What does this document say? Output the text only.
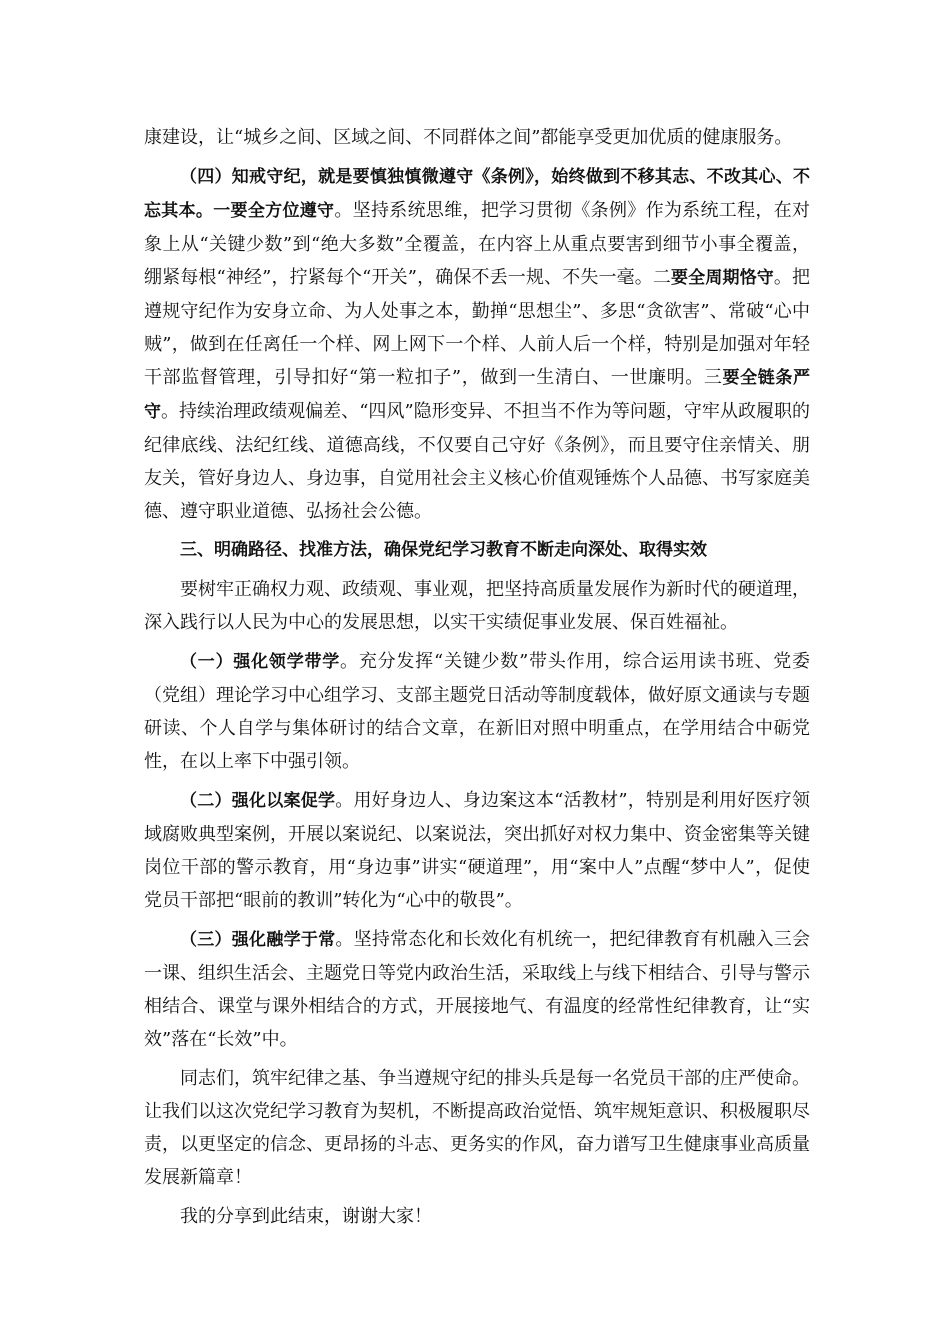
康建设，让“城乡之间、区域之间、不同群体之间”都能享受更加优质的健康服务。

（四）知戒守纪，就是要慎独慎微遵守《条例》，始终做到不移其志、不改其心、不忘其本。一要全方位遵守。坚持系统思维，把学习贯彻《条例》作为系统工程，在对象上从“关键少数”到“绝大多数”全覆盖，在内容上从重点要害到细节小事全覆盖，绷紧每根“神经”，拧紧每个“开关”，确保不丢一规、不失一毫。二要全周期恪守。把遵规守纪作为安身立命、为人处事之本，勤掸“思想尘”、多思“贪欲害”、常破“心中贼”，做到在任离任一个样、网上网下一个样、人前人后一个样，特别是加强对年轻干部监督管理，引导扣好“第一粒扣子”，做到一生清白、一世廉明。三要全链条严守。持续治理政绩观偏差、“四风”隐形变异、不担当不作为等问题，守牢从政履职的纪律底线、法纪红线、道德高线，不仅要自己守好《条例》，而且要守住亲情关、朋友关，管好身边人、身边事，自觉用社会主义核心价值观锤炼个人品德、书写家庭美德、遵守职业道德、弘扬社会公德。

三、明确路径、找准方法，确保党纪学习教育不断走向深处、取得实效

要树牢正确权力观、政绩观、事业观，把坚持高质量发展作为新时代的硬道理，深入践行以人民为中心的发展思想，以实干实绩促事业发展、保百姓福祉。

（一）强化领学带学。充分发挥“关键少数”带头作用，综合运用读书班、党委（党组）理论学习中心组学习、支部主题党日活动等制度载体，做好原文通读与专题研读、个人自学与集体研讨的结合文章，在新旧对照中明重点，在学用结合中砺党性，在以上率下中强引领。

（二）强化以案促学。用好身边人、身边案这本“活教材”，特别是利用好医疗领域腐败典型案例，开展以案说纪、以案说法，突出抓好对权力集中、资金密集等关键岗位干部的警示教育，用“身边事”讲实“硬道理”，用“案中人”点醒“梦中人”，促使党员干部把“眼前的教训”转化为“心中的敬畏”。

（三）强化融学于常。坚持常态化和长效化有机统一，把纪律教育有机融入三会一课、组织生活会、主题党日等党内政治生活，采取线上与线下相结合、引导与警示相结合、课堂与课外相结合的方式，开展接地气、有温度的经常性纪律教育，让“实效”落在“长效”中。

同志们，筑牢纪律之基、争当遵规守纪的排头兵是每一名党员干部的庄严使命。让我们以这次党纪学习教育为契机，不断提高政治觉悟、筑牢规矩意识、积极履职尽责，以更坚定的信念、更昂扬的斗志、更务实的作风，奋力谱写卫生健康事业高质量发展新篇章！

我的分享到此结束，谢谢大家！
